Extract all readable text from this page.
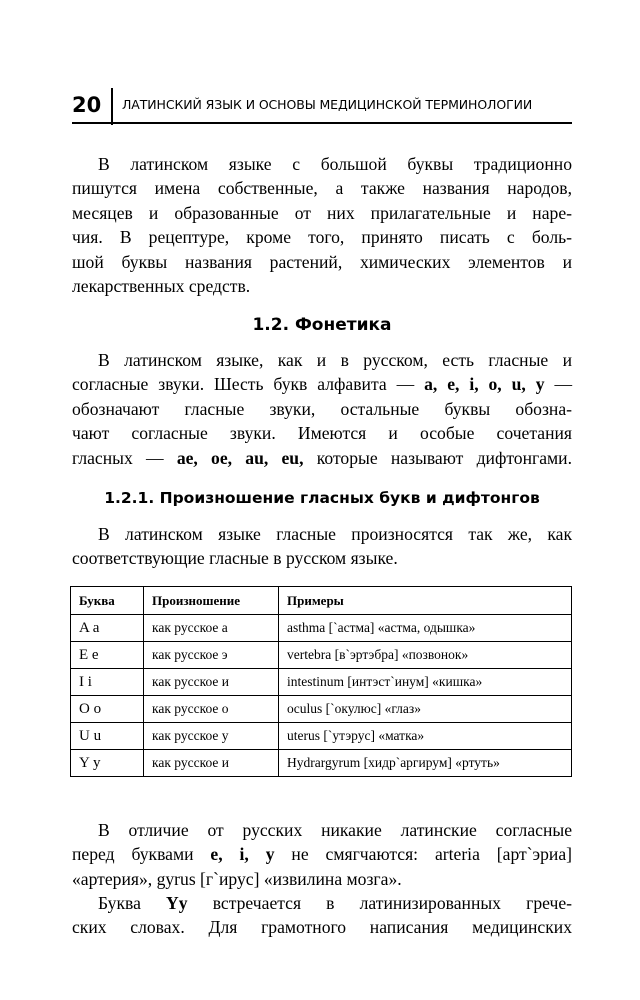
20 ЛАТИНСКИЙ ЯЗЫК И ОСНОВЫ МЕДИЦИНСКОЙ ТЕРМИНОЛОГИИ
В латинском языке с большой буквы традиционно
пишутся имена собственные, а также названия народов,
месяцев и образованные от них прилагательные и наре-
чия. В рецептуре, кроме того, принято писать с боль-
шой буквы названия растений, химических элементов и
лекарственных средств.
1.2. Фонетика
В латинском языке, как и в русском, есть гласные и
согласные звуки. Шесть букв алфавита — a, e, i, o, u, y —
обозначают гласные звуки, остальные буквы обозна-
чают согласные звуки. Имеются и особые сочетания
гласных — ae, oe, au, eu, которые называют дифтонгами.
1.2.1. Произношение гласных букв и дифтонгов
В латинском языке гласные произносятся так же, как
соответствующие гласные в русском языке.
Буква	Произношение	Примеры
A a	как русское а	asthma [`астма] «астма, одышка»
E e	как русское э	vertebra [в`эртэбра] «позвонок»
I i	как русское и	intestinum [интэст`инум] «кишка»
O o	как русское о	oculus [`окулюс] «глаз»
U u	как русское у	uterus [`утэрус] «матка»
Y y	как русское и	Hydrargyrum [хидр`аргирум] «ртуть»
В отличие от русских никакие латинские согласные
перед буквами e, i, y не смягчаются: arteria [арт`эриа]
«артерия», gyrus [г`ирус] «извилина мозга».
Буква Yy встречается в латинизированных грече-
ских словах. Для грамотного написания медицинских
